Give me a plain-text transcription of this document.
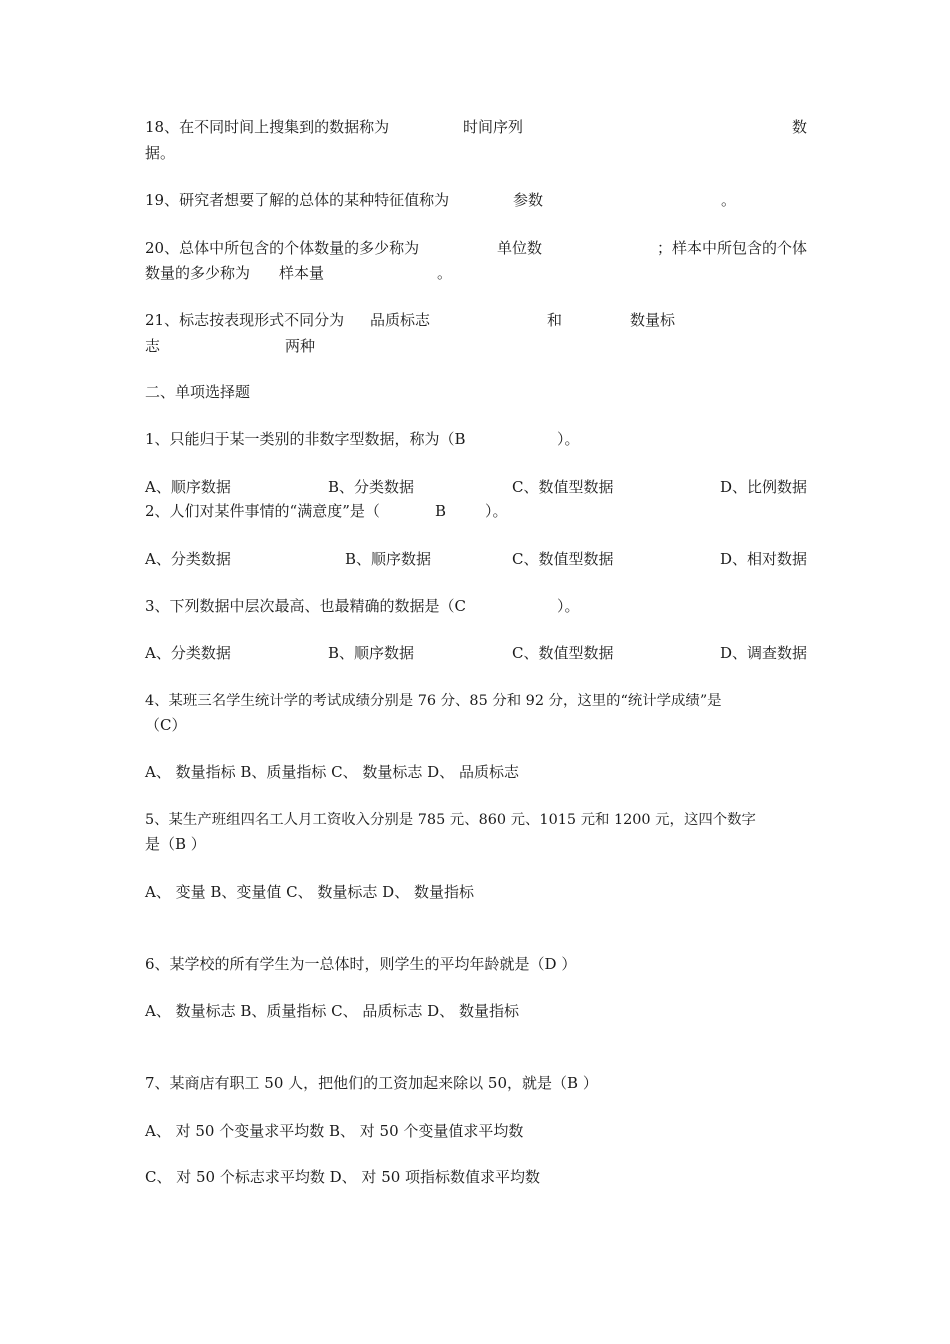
18、在不同时间上搜集到的数据称为	时间序列	数
据。
19、研究者想要了解的总体的某种特征值称为	参数	。
20、总体中所包含的个体数量的多少称为	单位数	；样本中所包含的个体
数量的多少称为 样本量	。
21、标志按表现形式不同分为 品质标志	和	数量标
志	两种
二、单项选择题
1、只能归于某一类别的非数字型数据，称为（B	）。
A、顺序数据	B、分类数据	C、数值型数据	D、比例数据
2、人们对某件事情的“满意度”是（	B	）。
A、分类数据	B、顺序数据	C、数值型数据	D、相对数据
3、下列数据中层次最高、也最精确的数据是（C	）。
A、分类数据	B、顺序数据	C、数值型数据	D、调查数据
4、某班三名学生统计学的考试成绩分别是 76 分、85 分和 92 分，这里的“统计学成绩”是
（C）
A、 数量指标 B、质量指标 C、 数量标志 D、 品质标志
5、某生产班组四名工人月工资收入分别是 785 元、860 元、1015 元和 1200 元，这四个数字
是（B ）
A、 变量 B、变量值 C、 数量标志 D、 数量指标
6、某学校的所有学生为一总体时，则学生的平均年龄就是（D ）
A、 数量标志 B、质量指标 C、 品质标志 D、 数量指标
7、某商店有职工 50 人，把他们的工资加起来除以 50，就是（B ）
A、 对 50 个变量求平均数 B、 对 50 个变量值求平均数
C、 对 50 个标志求平均数 D、 对 50 项指标数值求平均数
